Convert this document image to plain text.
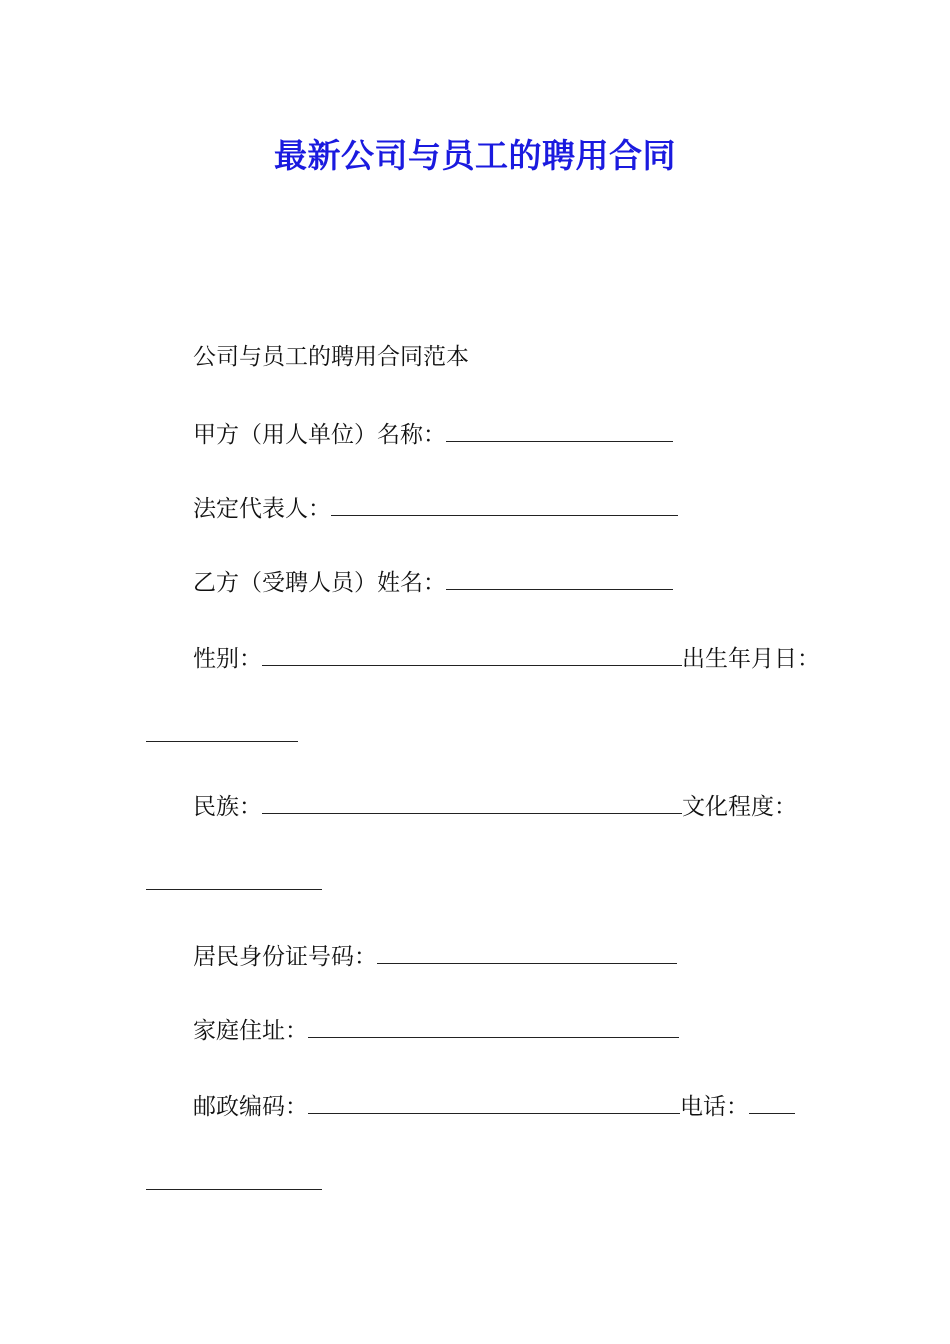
最新公司与员工的聘用合同
公司与员工的聘用合同范本
甲方（用人单位）名称：
法定代表人：
乙方（受聘人员）姓名：
性别：	出生年月日：
民族：	文化程度：
居民身份证号码：
家庭住址：
邮政编码：	电话：
